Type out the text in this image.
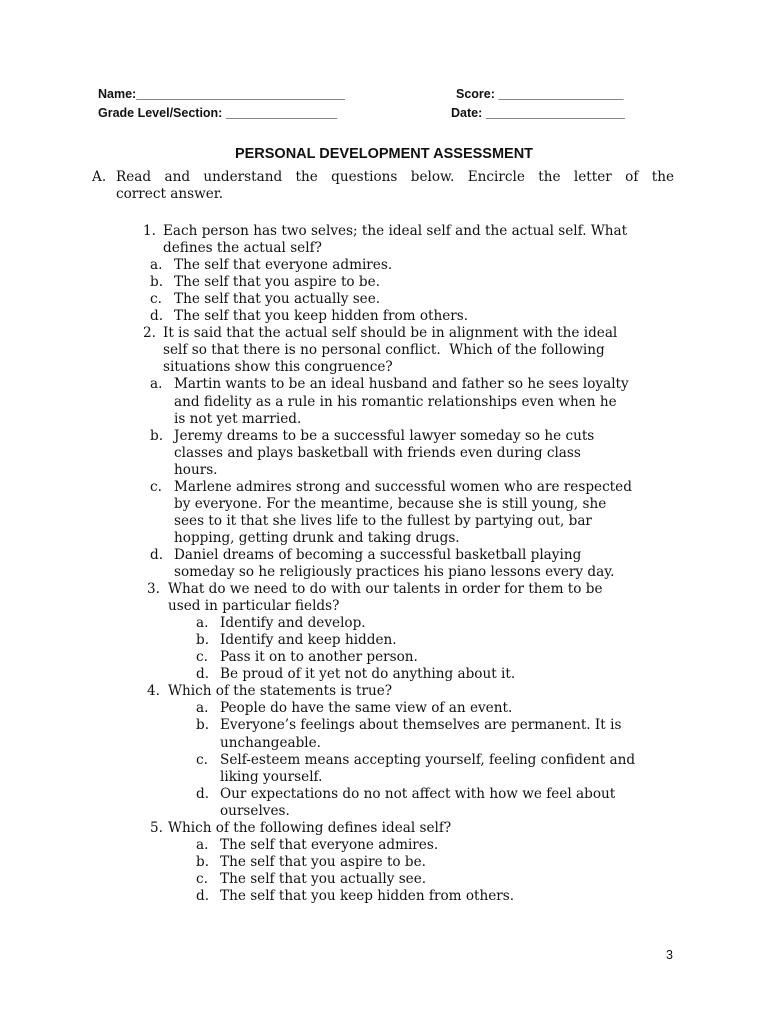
Name:______________________________
Grade Level/Section: ________________
Score: __________________
Date: ____________________
PERSONAL DEVELOPMENT ASSESSMENT
A. Read and understand the questions below. Encircle the letter of the
correct answer.
1. Each person has two selves; the ideal self and the actual self. What
defines the actual self?
a. The self that everyone admires.
b. The self that you aspire to be.
c. The self that you actually see.
d. The self that you keep hidden from others.
2. It is said that the actual self should be in alignment with the ideal
self so that there is no personal conflict.  Which of the following
situations show this congruence?
a. Martin wants to be an ideal husband and father so he sees loyalty
and fidelity as a rule in his romantic relationships even when he
is not yet married.
b. Jeremy dreams to be a successful lawyer someday so he cuts
classes and plays basketball with friends even during class
hours.
c. Marlene admires strong and successful women who are respected
by everyone. For the meantime, because she is still young, she
sees to it that she lives life to the fullest by partying out, bar
hopping, getting drunk and taking drugs.
d. Daniel dreams of becoming a successful basketball playing
someday so he religiously practices his piano lessons every day.
3. What do we need to do with our talents in order for them to be
used in particular fields?
a. Identify and develop.
b. Identify and keep hidden.
c. Pass it on to another person.
d. Be proud of it yet not do anything about it.
4. Which of the statements is true?
a. People do have the same view of an event.
b. Everyone’s feelings about themselves are permanent. It is
unchangeable.
c. Self-esteem means accepting yourself, feeling confident and
liking yourself.
d. Our expectations do no not affect with how we feel about
ourselves.
5. Which of the following defines ideal self?
a. The self that everyone admires.
b. The self that you aspire to be.
c. The self that you actually see.
d. The self that you keep hidden from others.
3
